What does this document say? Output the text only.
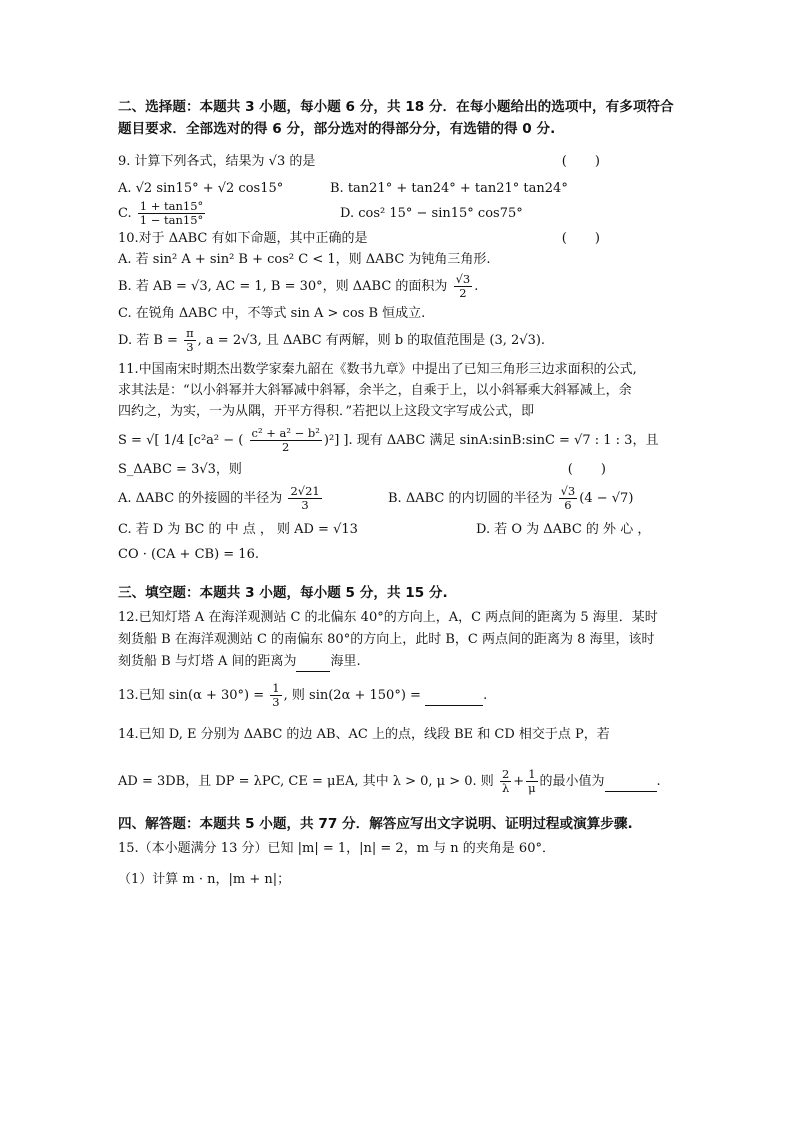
二、选择题：本题共 3 小题，每小题 6 分，共 18 分．在每小题给出的选项中，有多项符合题目要求．全部选对的得 6 分，部分选对的得部分分，有选错的得 0 分.
9. 计算下列各式，结果为 √3 的是	( )
A. √2 sin15° + √2 cos15°	B. tan21° + tan24° + tan21° tan24°
C. $\frac{1 + \tan 15^\circ}{1 - \tan 15^\circ}$	D. cos² 15° − sin15° cos75°
10.对于 ΔABC 有如下命题，其中正确的是	( )
A. 若 sin² A + sin² B + cos² C < 1，则 ΔABC 为钝角三角形.
B. 若 AB = √3, AC = 1, B = 30°，则 ΔABC 的面积为 $\frac{√3}{2}$ .
C. 在锐角 ΔABC 中，不等式 sin A > cos B 恒成立.
D. 若 $B = \frac{\pi}{3}$ , a = 2√3, 且 ΔABC 有两解，则 b 的取值范围是 (3, 2√3).
11.中国南宋时期杰出数学家秦九韶在《数书九章》中提出了已知三角形三边求面积的公式,
求其法是：“以小斜幂并大斜幂减中斜幂，余半之，自乘于上，以小斜幂乘大斜幂减上，余
四约之，为实，一为从隅，开平方得积．”若把以上这段文字写成公式，即
S = √[ 1/4 [c²a² − ( $\frac{\text{c² + a² − b²}}{2} )^2$] ]. 现有 ΔABC 满足 sinA:sinB:sinC = √7 : 1 : 3，且
S_ΔABC = 3√3，则	( )
A. ΔABC 的外接圆的半径为 $\frac{2√21}{3}$	B. ΔABC 的内切圆的半径为 $\frac{√3}{6} (4 - √7)$
C. 若 D 为 BC 的 中 点 ， 则 AD = √13	D. 若 O 为 ΔABC 的 外 心 ，
CO · (CA + CB) = 16.
三、填空题：本题共 3 小题，每小题 5 分，共 15 分.
12.已知灯塔 A 在海洋观测站 C 的北偏东 40°的方向上，A，C 两点间的距离为 5 海里．某时
刻货船 B 在海洋观测站 C 的南偏东 80°的方向上，此时 B，C 两点间的距离为 8 海里，该时
刻货船 B 与灯塔 A 间的距离为	海里.
13.已知 $\sin(\alpha + 30^\circ) = \frac{1}{3}$ , 则 sin(2α + 150°) =	.
14.已知 D, E 分别为 ΔABC 的边 AB、AC 上的点，线段 BE 和 CD 相交于点 P，若
AD = 3DB，且 DP = λPC, CE = μEA, 其中 λ > 0, μ > 0. 则 $\frac{2}{\lambda} + \frac{1}{\mu}$ 的最小值为	.
四、解答题：本题共 5 小题，共 77 分．解答应写出文字说明、证明过程或演算步骤.
15.（本小题满分 13 分）已知 |m| = 1，|n| = 2，m 与 n 的夹角是 60°．
（1）计算 m · n，|m + n|；
